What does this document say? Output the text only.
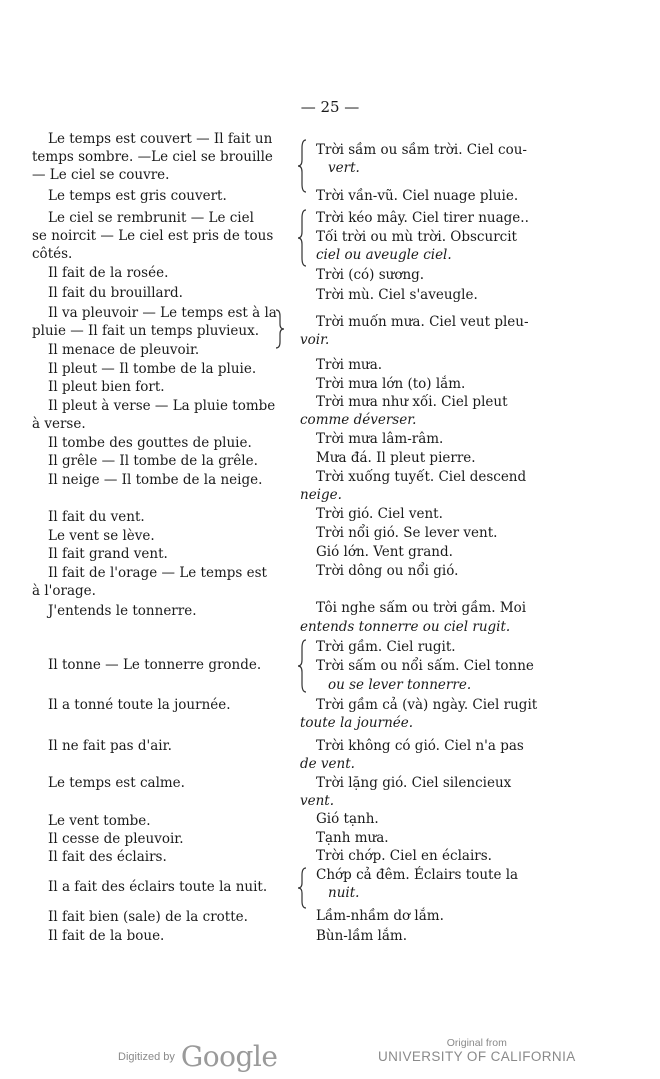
— 25 —
Le temps est couvert — Il fait un
temps sombre. —Le ciel se brouille
— Le ciel se couvre.
Le temps est gris couvert.
Le ciel se rembrunit — Le ciel
se noircit — Le ciel est pris de tous
côtés.
Il fait de la rosée.
Il fait du brouillard.
Il va pleuvoir — Le temps est à la
pluie — Il fait un temps pluvieux.
Il menace de pleuvoir.
Il pleut — Il tombe de la pluie.
Il pleut bien fort.
Il pleut à verse — La pluie tombe
à verse.
Il tombe des gouttes de pluie.
Il grêle — Il tombe de la grêle.
Il neige — Il tombe de la neige.
Il fait du vent.
Le vent se lève.
Il fait grand vent.
Il fait de l'orage — Le temps est
à l'orage.
J'entends le tonnerre.
Il tonne — Le tonnerre gronde.
Il a tonné toute la journée.
Il ne fait pas d'air.
Le temps est calme.
Le vent tombe.
Il cesse de pleuvoir.
Il fait des éclairs.
Il a fait des éclairs toute la nuit.
Il fait bien (sale) de la crotte.
Il fait de la boue.
Trời sầm ou sầm trời. Ciel cou-
vert.
Trời vần-vũ. Ciel nuage pluie.
Trời kéo mây. Ciel tirer nuage..
Tối trời ou mù trời. Obscurcit
ciel ou aveugle ciel.
Trời (có) sương.
Trời mù. Ciel s'aveugle.
Trời muốn mưa. Ciel veut pleu-
voir.
Trời mưa.
Trời mưa lớn (to) lắm.
Trời mưa như xối. Ciel pleut
comme déverser.
Trời mưa lâm-râm.
Mưa đá. Il pleut pierre.
Trời xuống tuyết. Ciel descend
neige.
Trời gió. Ciel vent.
Trời nổi gió. Se lever vent.
Gió lớn. Vent grand.
Trời dông ou nổi gió.
Tôi nghe sấm ou trời gầm. Moi
entends tonnerre ou ciel rugit.
Trời gầm. Ciel rugit.
Trời sấm ou nổi sấm. Ciel tonne
ou se lever tonnerre.
Trời gầm cả (và) ngày. Ciel rugit
toute la journée.
Trời không có gió. Ciel n'a pas
de vent.
Trời lặng gió. Ciel silencieux
vent.
Gió tạnh.
Tạnh mưa.
Trời chớp. Ciel en éclairs.
Chớp cả đêm. Éclairs toute la
nuit.
Lầm-nhầm dơ lắm.
Bùn-lầm lắm.
Digitized by Google	Original from
UNIVERSITY OF CALIFORNIA
